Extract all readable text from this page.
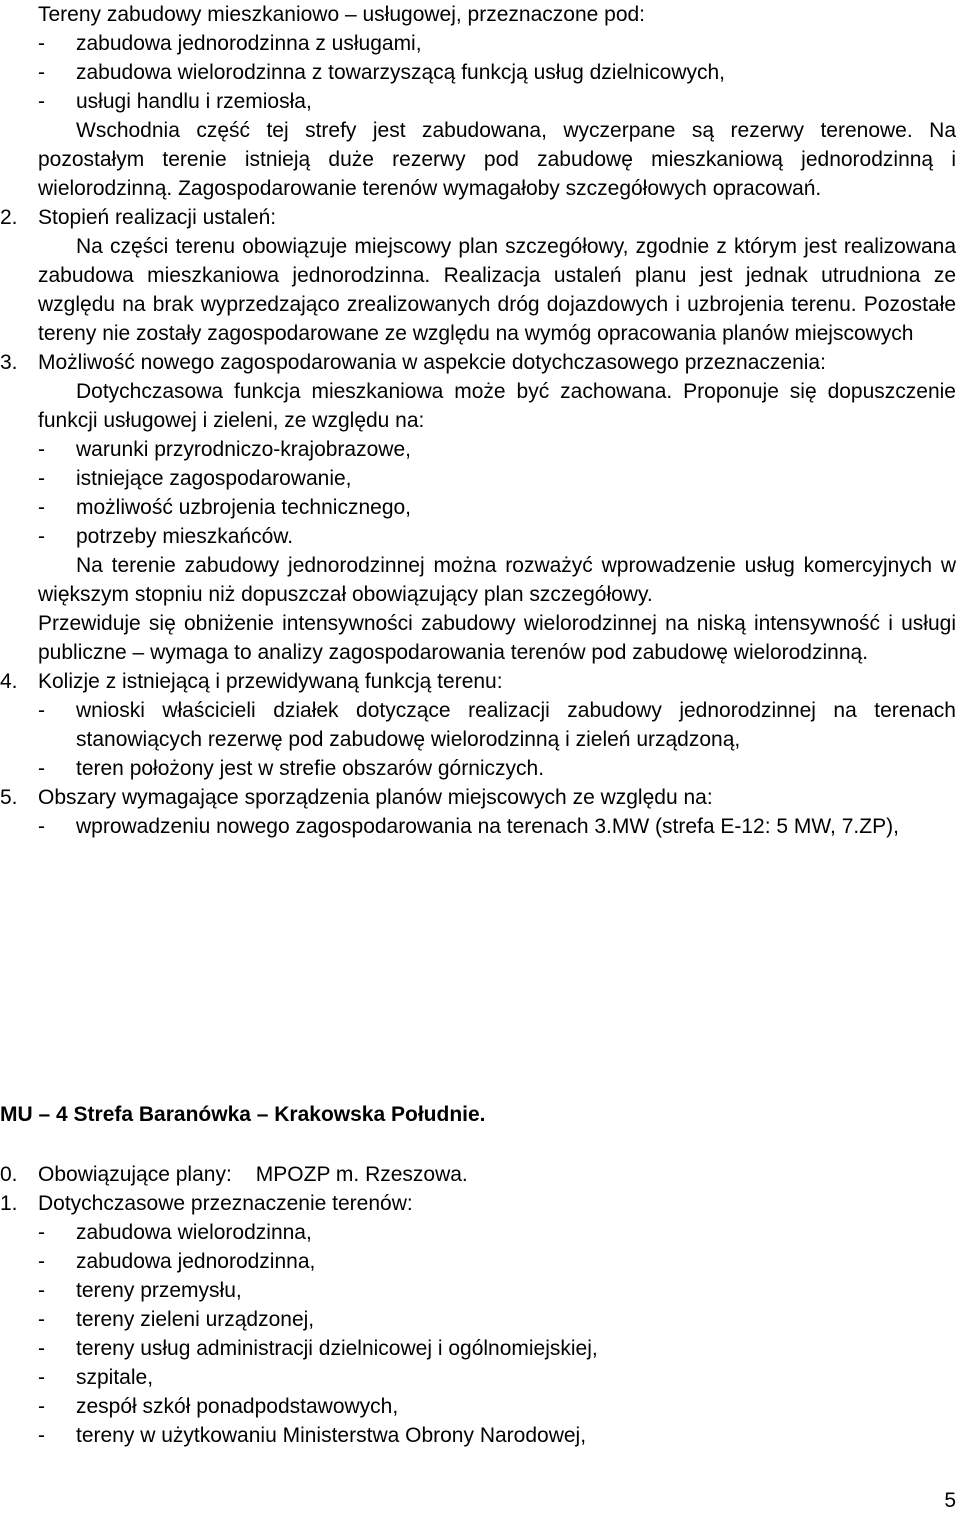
Tereny zabudowy mieszkaniowo – usługowej, przeznaczone pod:

- zabudowa jednorodzinna z usługami,

- zabudowa wielorodzinna z towarzyszącą funkcją usług dzielnicowych,

- usługi handlu i rzemiosła,

Wschodnia część tej strefy jest zabudowana, wyczerpane są rezerwy terenowe. Na pozostałym terenie istnieją duże rezerwy pod zabudowę mieszkaniową jednorodzinną i wielorodzinną. Zagospodarowanie terenów wymagałoby szczegółowych opracowań.

2. Stopień realizacji ustaleń:

Na części terenu obowiązuje miejscowy plan szczegółowy, zgodnie z którym jest realizowana zabudowa mieszkaniowa jednorodzinna. Realizacja ustaleń planu jest jednak utrudniona ze względu na brak wyprzedzająco zrealizowanych dróg dojazdowych i uzbrojenia terenu. Pozostałe tereny nie zostały zagospodarowane ze względu na wymóg opracowania planów miejscowych

3. Możliwość nowego zagospodarowania w aspekcie dotychczasowego przeznaczenia:

Dotychczasowa funkcja mieszkaniowa może być zachowana. Proponuje się dopuszczenie funkcji usługowej i zieleni, ze względu na:

- warunki przyrodniczo-krajobrazowe,

- istniejące zagospodarowanie,

- możliwość uzbrojenia technicznego,

- potrzeby mieszkańców.

Na terenie zabudowy jednorodzinnej można rozważyć wprowadzenie usług komercyjnych w większym stopniu niż dopuszczał obowiązujący plan szczegółowy.

Przewiduje się obniżenie intensywności zabudowy wielorodzinnej na niską intensywność i usługi publiczne – wymaga to analizy zagospodarowania terenów pod zabudowę wielorodzinną.

4. Kolizje z istniejącą i przewidywaną funkcją terenu:

- wnioski właścicieli działek dotyczące realizacji zabudowy jednorodzinnej na terenach stanowiących rezerwę pod zabudowę wielorodzinną i zieleń urządzoną,

- teren położony jest w strefie obszarów górniczych.

5. Obszary wymagające sporządzenia planów miejscowych ze względu na:

- wprowadzeniu nowego zagospodarowania na terenach 3.MW (strefa E-12: 5 MW, 7.ZP),

MU – 4 Strefa Baranówka – Krakowska Południe.

0. Obowiązujące plany: MPOZP m. Rzeszowa.

1. Dotychczasowe przeznaczenie terenów:

- zabudowa wielorodzinna,

- zabudowa jednorodzinna,

- tereny przemysłu,

- tereny zieleni urządzonej,

- tereny usług administracji dzielnicowej i ogólnomiejskiej,

- szpitale,

- zespół szkół ponadpodstawowych,

- tereny w użytkowaniu Ministerstwa Obrony Narodowej,

5
